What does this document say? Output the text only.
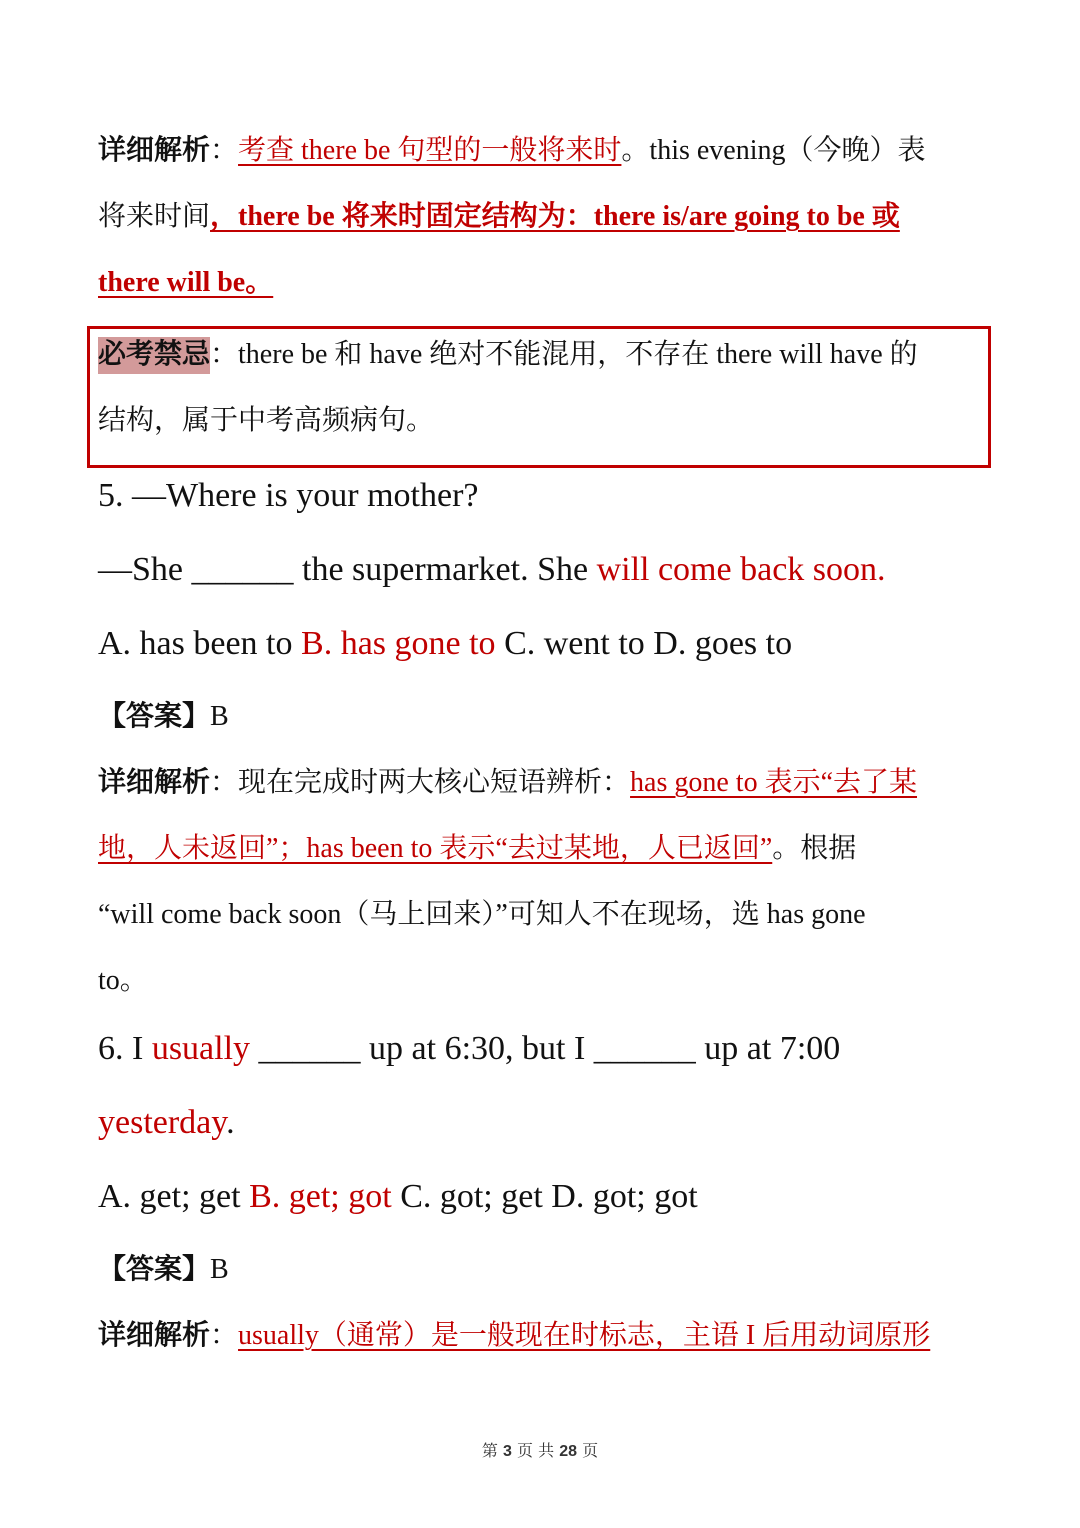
详细解析：考查 there be 句型的一般将来时。this evening（今晚）表
将来时间，there be 将来时固定结构为：there is/are going to be 或
there will be。
必考禁忌：there be 和 have 绝对不能混用，不存在 there will have 的
结构，属于中考高频病句。
5. —Where is your mother?
—She ______ the supermarket. She will come back soon.
A. has been to B. has gone to C. went to D. goes to
【答案】B
详细解析：现在完成时两大核心短语辨析：has gone to 表示“去了某
地，人未返回”；has been to 表示“去过某地，人已返回”。根据
“will come back soon（马上回来）”可知人不在现场，选 has gone
to。
6. I usually ______ up at 6:30, but I ______ up at 7:00
yesterday.
A. get; get B. get; got C. got; get D. got; got
【答案】B
详细解析：usually（通常）是一般现在时标志，主语 I 后用动词原形
第 3 页 共 28 页
